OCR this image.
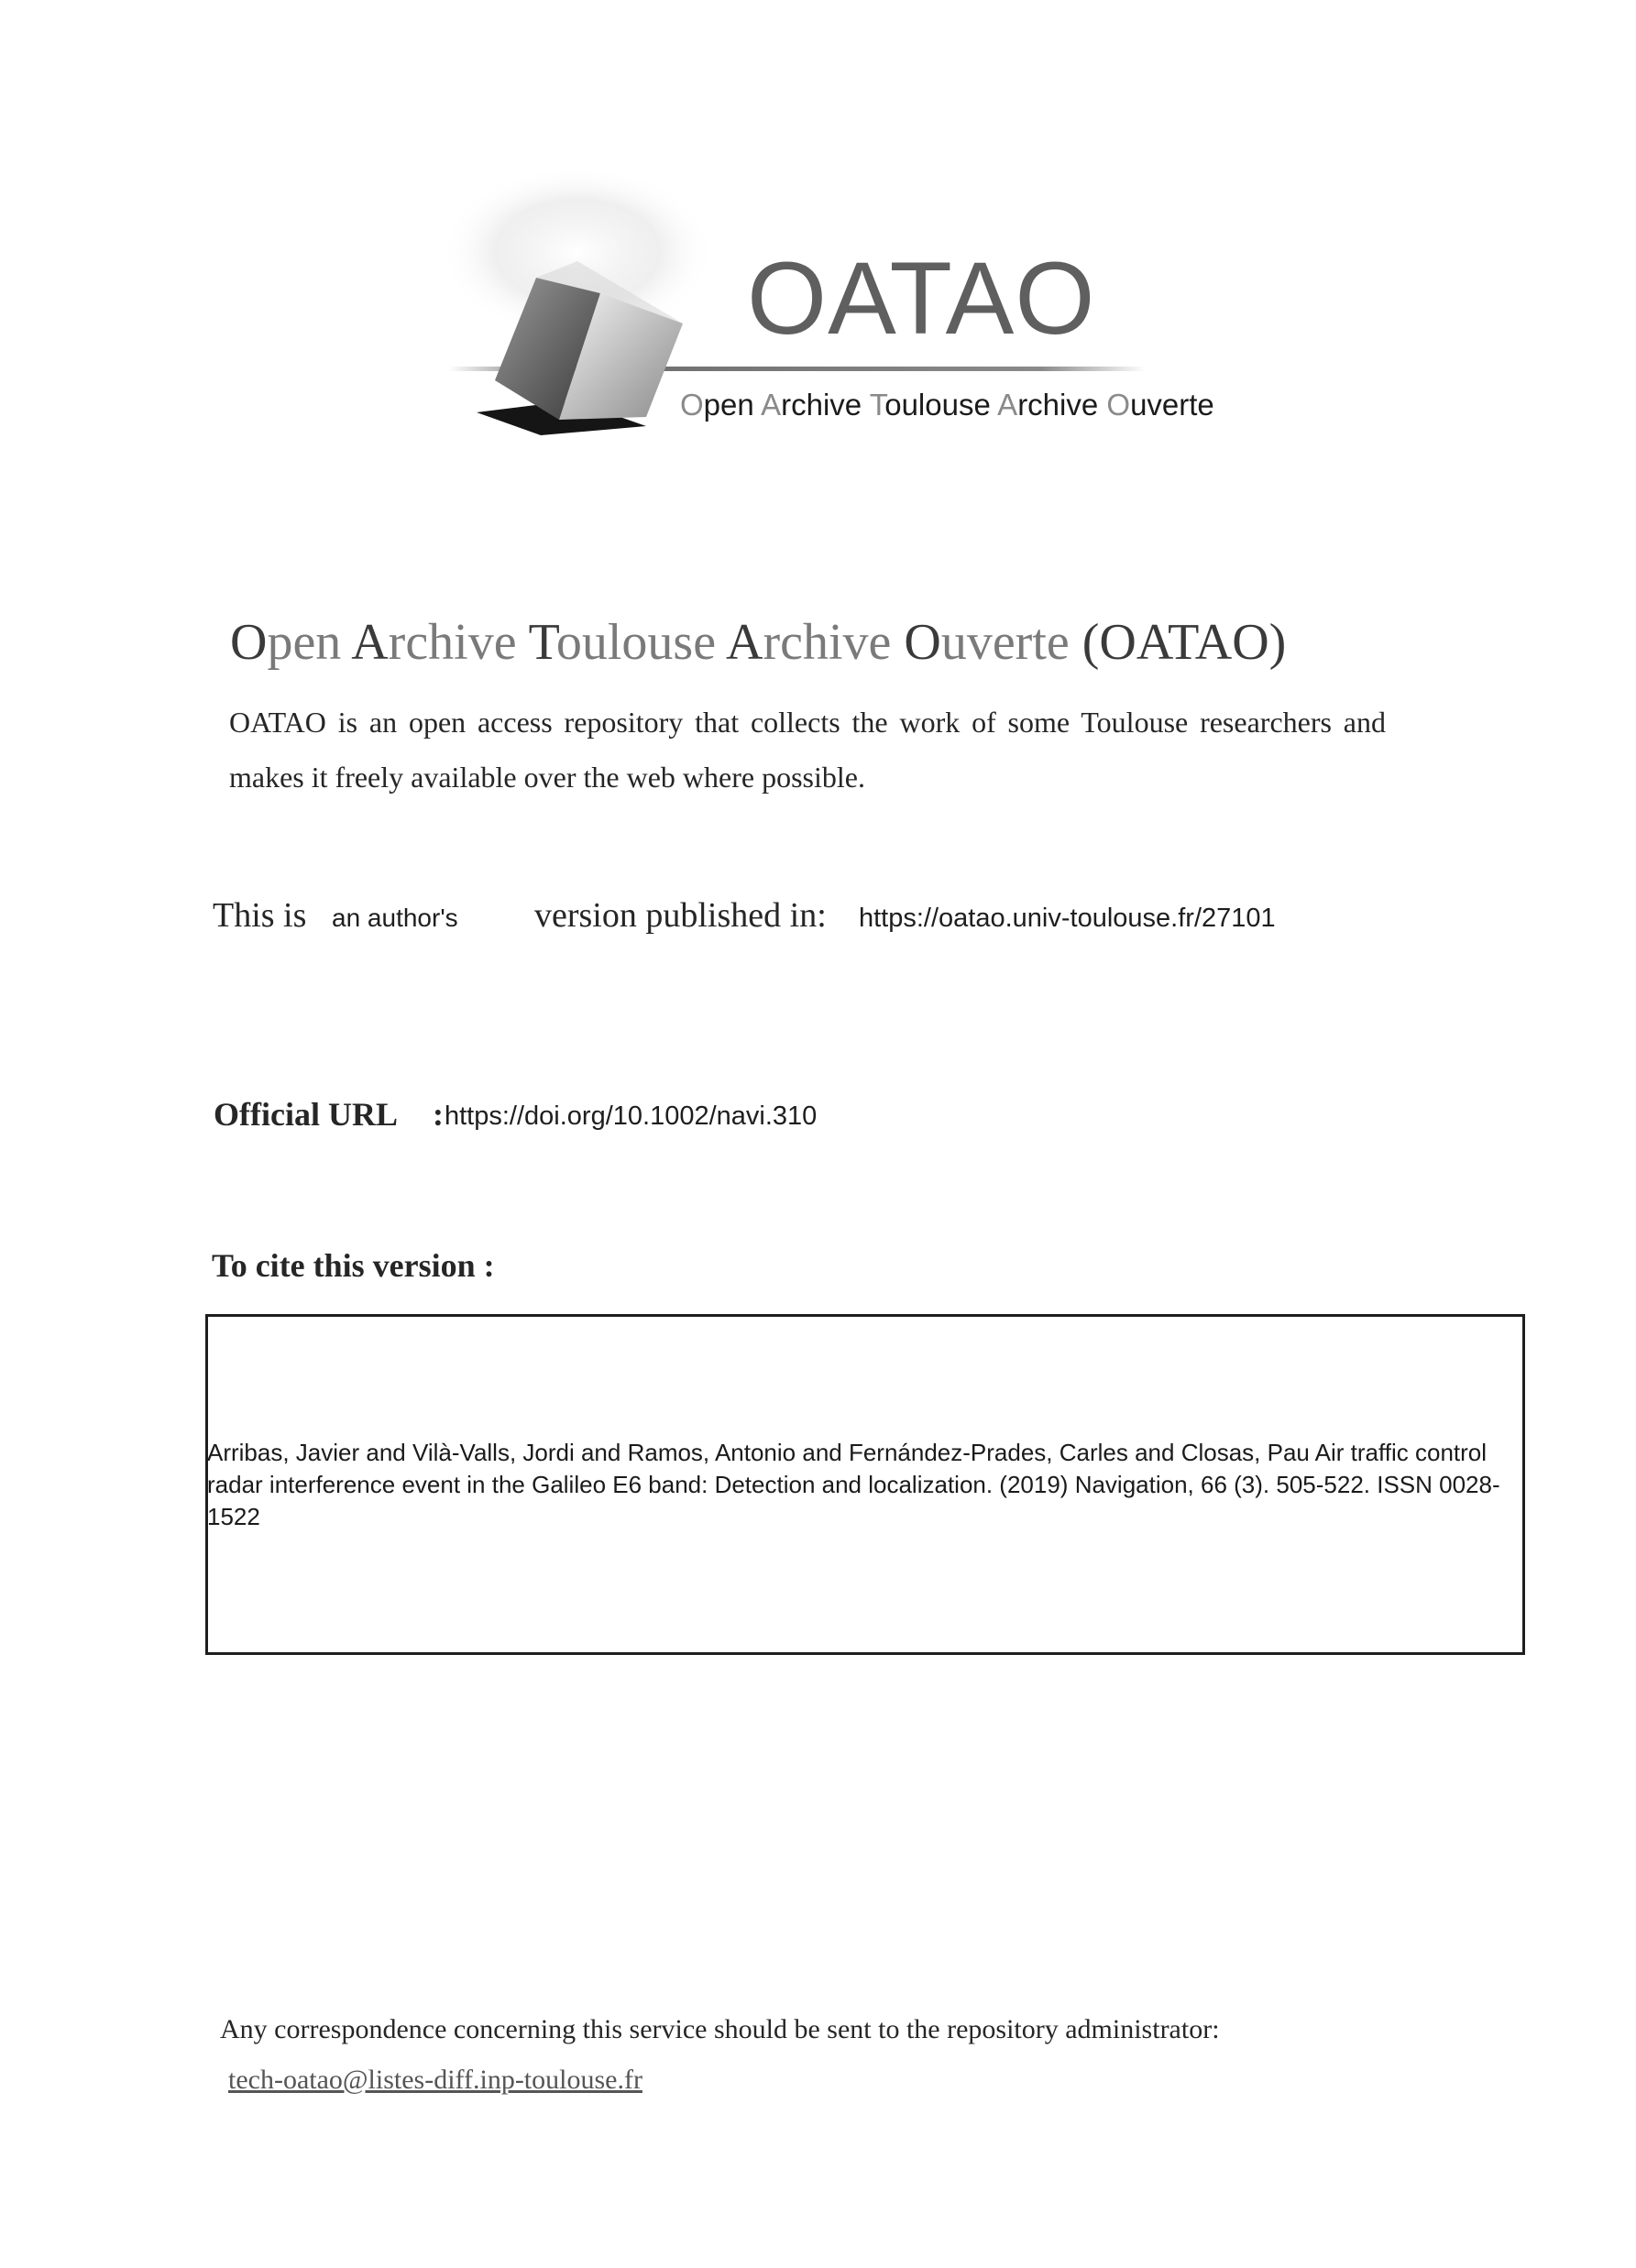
OATAO
Open Archive Toulouse Archive Ouverte
Open Archive Toulouse Archive Ouverte (OATAO)
OATAO is an open access repository that collects the work of some Toulouse researchers and makes it freely available over the web where possible.
This is an author's version published in: https://oatao.univ-toulouse.fr/27101
Official URL : https://doi.org/10.1002/navi.310
To cite this version :
Arribas, Javier and Vilà-Valls, Jordi and Ramos, Antonio and Fernández-Prades, Carles and Closas, Pau Air traffic control radar interference event in the Galileo E6 band: Detection and localization. (2019) Navigation, 66 (3). 505-522. ISSN 0028-1522
Any correspondence concerning this service should be sent to the repository administrator:
tech-oatao@listes-diff.inp-toulouse.fr
